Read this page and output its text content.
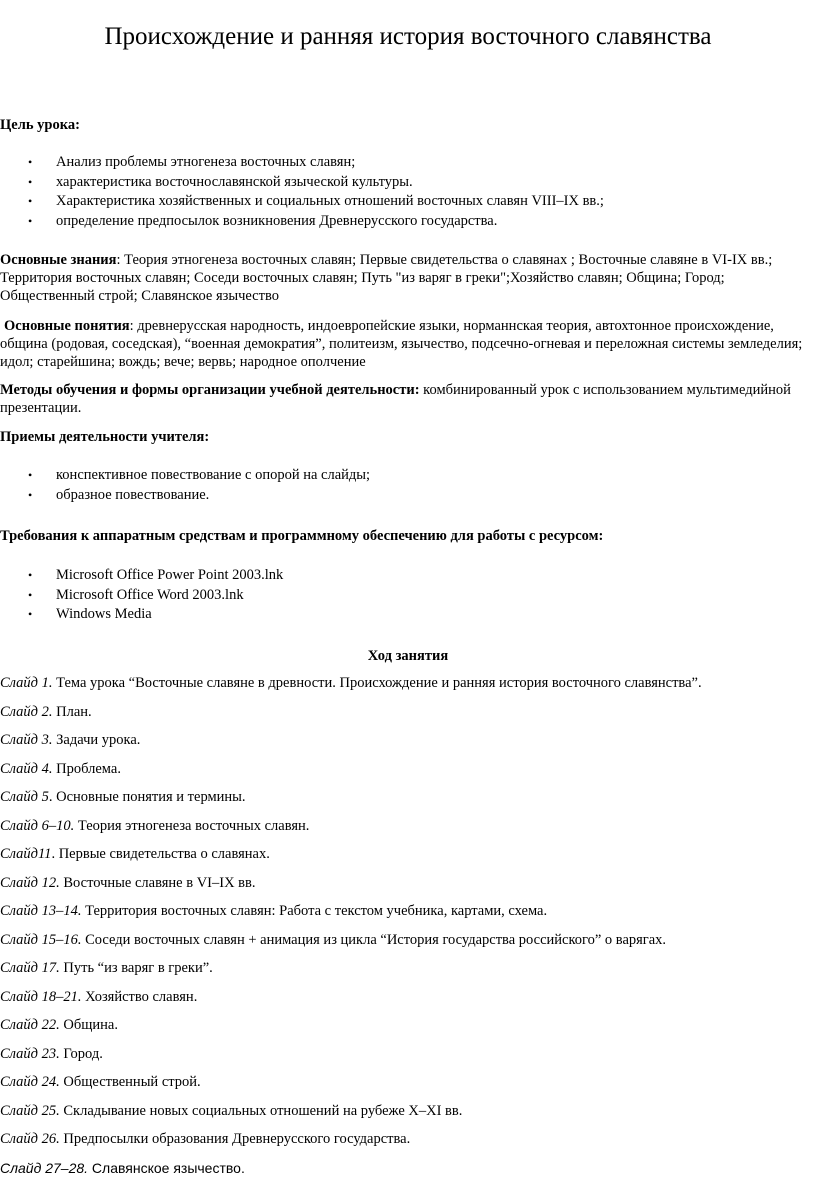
Происхождение и ранняя история восточного славянства
Цель урока:
• Анализ проблемы этногенеза восточных славян;
• характеристика восточнославянской языческой культуры.
• Характеристика хозяйственных и социальных отношений восточных славян VIII–IX вв.;
• определение предпосылок возникновения Древнерусского государства.
Основные знания: Теория этногенеза восточных славян; Первые свидетельства о славянах ; Восточные славяне в VI-IX вв.; Территория восточных славян; Соседи восточных славян; Путь "из варяг в греки";Хозяйство славян; Община; Город; Общественный строй; Славянское язычество
Основные понятия: древнерусская народность, индоевропейские языки, норманнская теория, автохтонное происхождение, община (родовая, соседская), “военная демократия”, политеизм, язычество, подсечно-огневая и переложная системы земледелия; идол; старейшина; вождь; вече; вервь; народное ополчение
Методы обучения и формы организации учебной деятельности: комбинированный урок с использованием мультимедийной презентации.
Приемы деятельности учителя:
• конспективное повествование с опорой на слайды;
• образное повествование.
Требования к аппаратным средствам и программному обеспечению для работы с ресурсом:
• Microsoft Office Power Point 2003.lnk
• Microsoft Office Word 2003.lnk
• Windows Media
Ход занятия
Слайд 1. Тема урока “Восточные славяне в древности. Происхождение и ранняя история восточного славянства”.
Слайд 2. План.
Слайд 3. Задачи урока.
Слайд 4. Проблема.
Слайд 5. Основные понятия и термины.
Слайд 6–10. Теория этногенеза восточных славян.
Слайд11. Первые свидетельства о славянах.
Слайд 12. Восточные славяне в VI–IX вв.
Слайд 13–14. Территория восточных славян: Работа с текстом учебника, картами, схема.
Слайд 15–16. Соседи восточных славян + анимация из цикла “История государства российского” о варягах.
Слайд 17. Путь “из варяг в греки”.
Слайд 18–21. Хозяйство славян.
Слайд 22. Община.
Слайд 23. Город.
Слайд 24. Общественный строй.
Слайд 25. Складывание новых социальных отношений на рубеже X–XI вв.
Слайд 26. Предпосылки образования Древнерусского государства.
Слайд 27–28. Славянское язычество.
